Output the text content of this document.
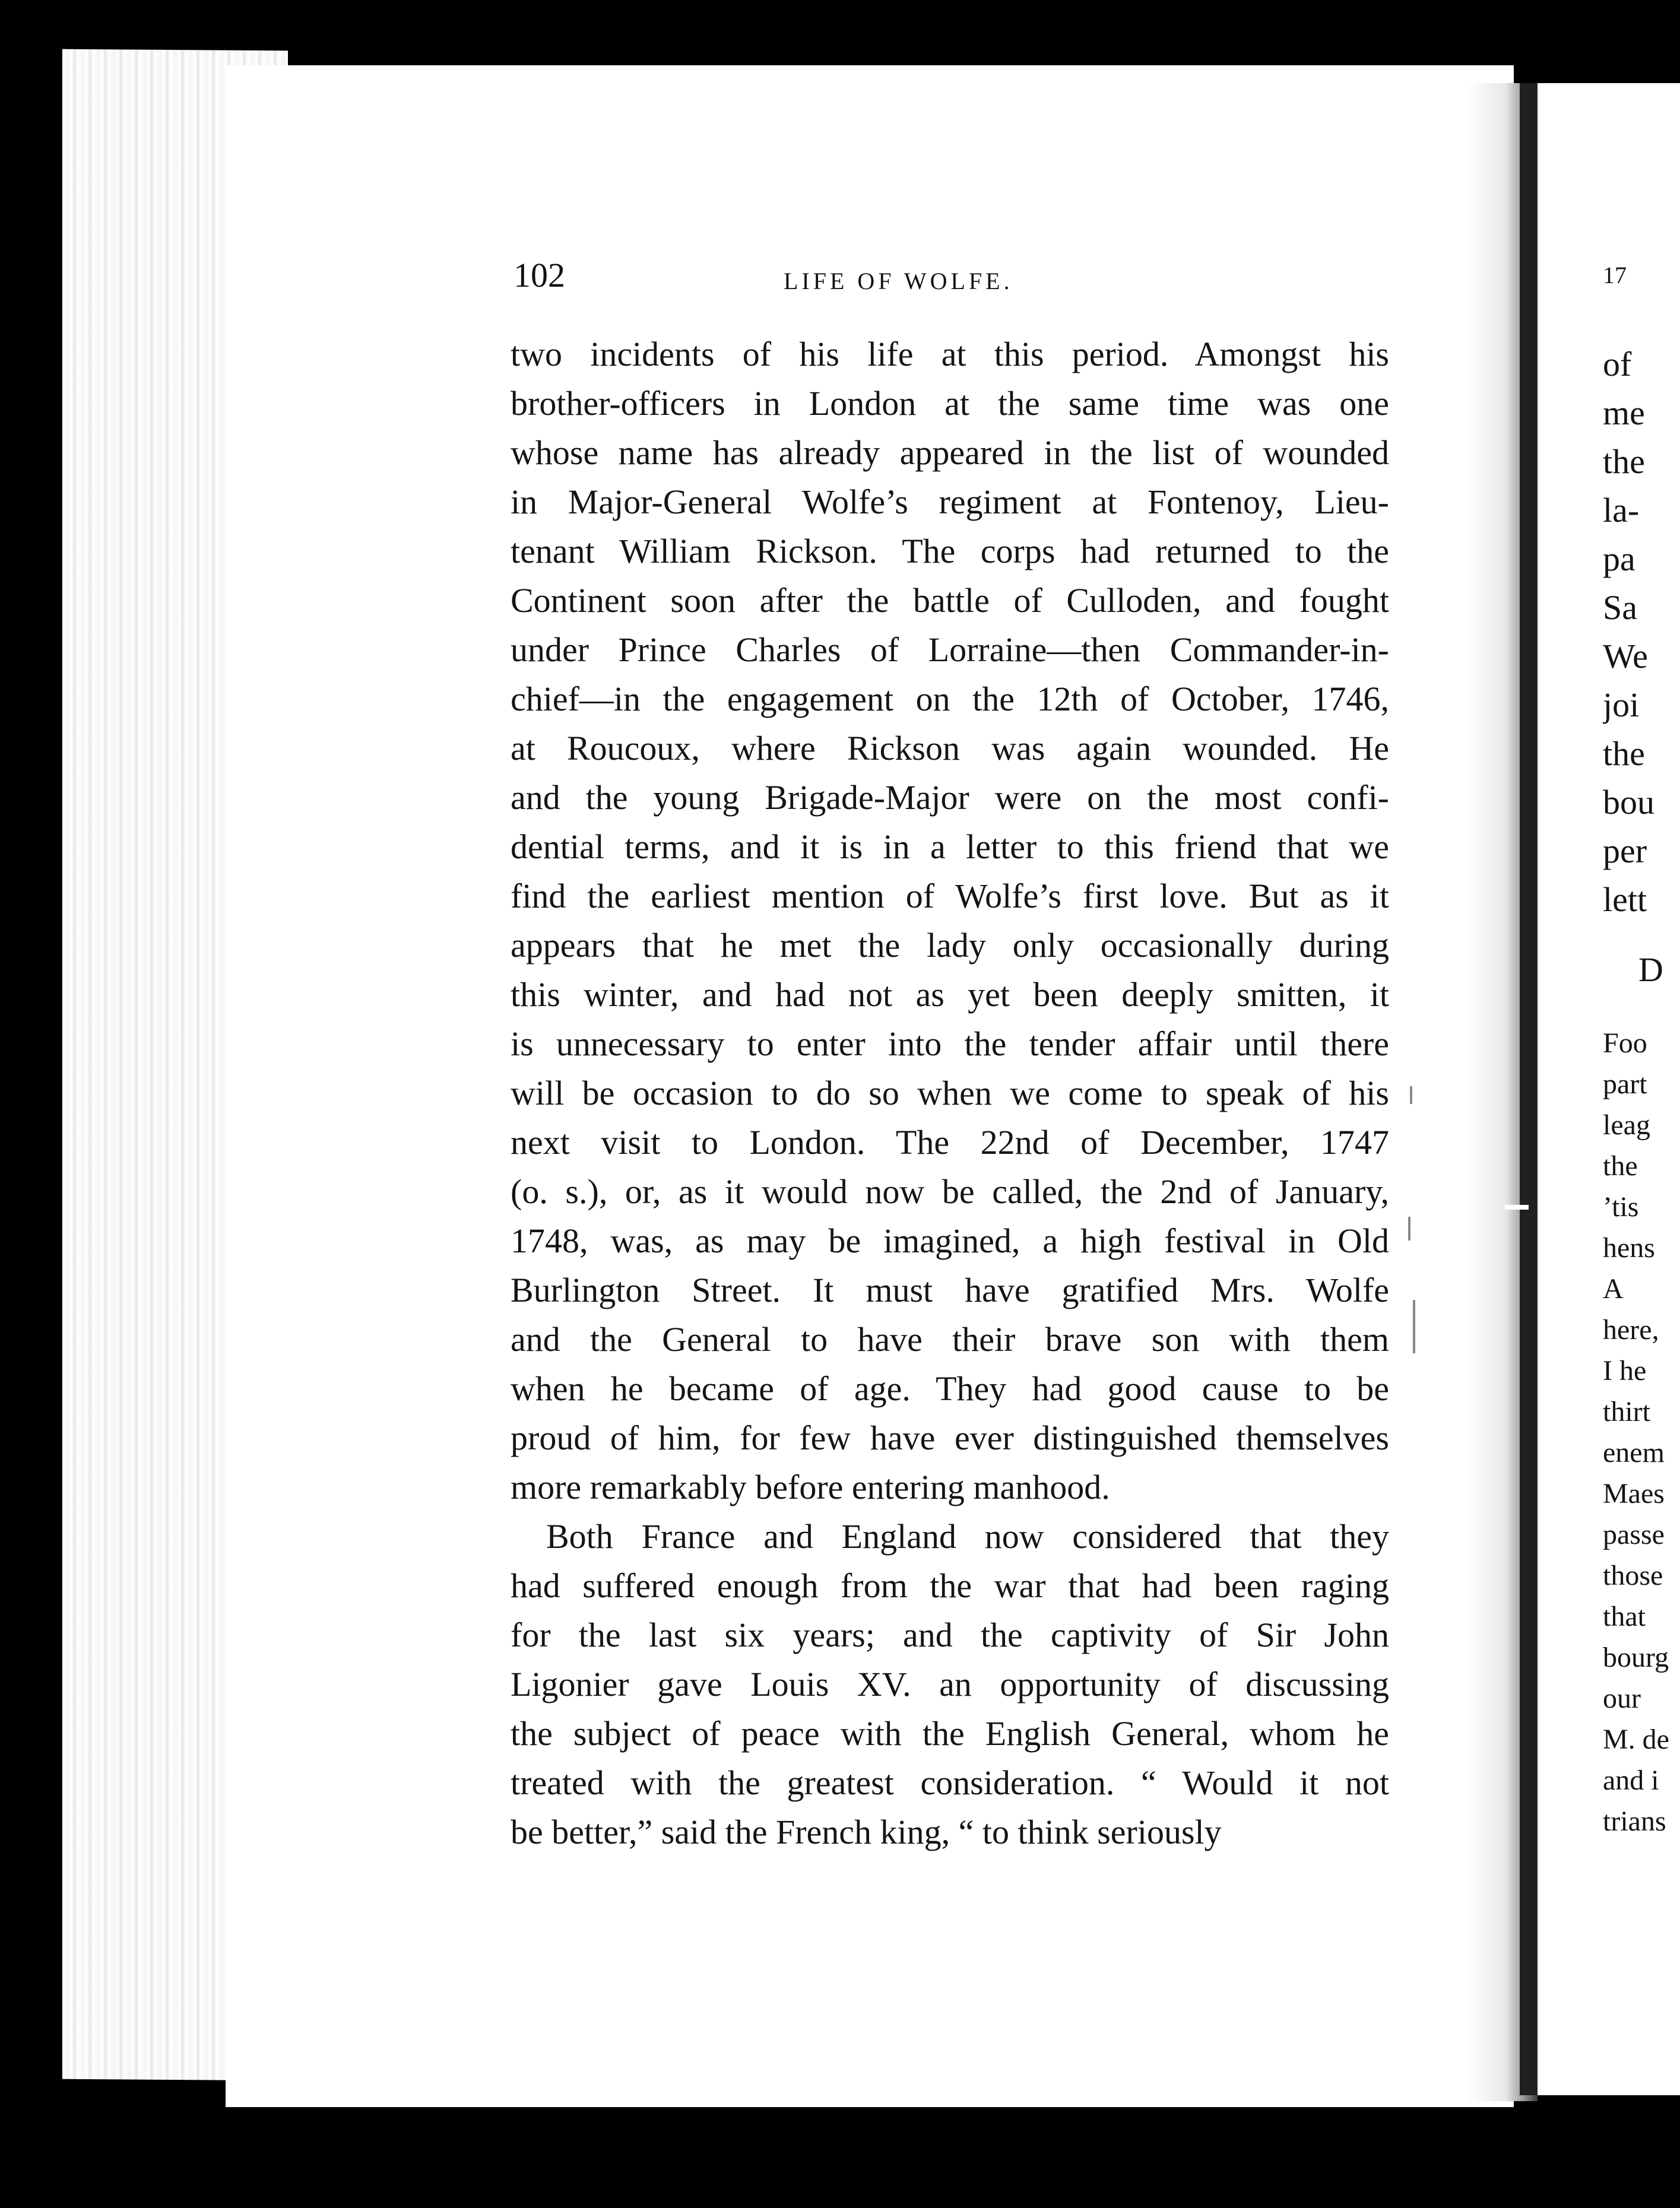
102	LIFE OF WOLFE.
two incidents of his life at this period. Amongst his
brother-officers in London at the same time was one
whose name has already appeared in the list of wounded
in Major-General Wolfe’s regiment at Fontenoy, Lieu-
tenant William Rickson. The corps had returned to the
Continent soon after the battle of Culloden, and fought
under Prince Charles of Lorraine—then Commander-in-
chief—in the engagement on the 12th of October, 1746,
at Roucoux, where Rickson was again wounded. He
and the young Brigade-Major were on the most confi-
dential terms, and it is in a letter to this friend that we
find the earliest mention of Wolfe’s first love. But as it
appears that he met the lady only occasionally during
this winter, and had not as yet been deeply smitten, it
is unnecessary to enter into the tender affair until there
will be occasion to do so when we come to speak of his
next visit to London. The 22nd of December, 1747
(o. s.), or, as it would now be called, the 2nd of January,
1748, was, as may be imagined, a high festival in Old
Burlington Street. It must have gratified Mrs. Wolfe
and the General to have their brave son with them
when he became of age. They had good cause to be
proud of him, for few have ever distinguished themselves
more remarkably before entering manhood.
Both France and England now considered that they
had suffered enough from the war that had been raging
for the last six years; and the captivity of Sir John
Ligonier gave Louis XV. an opportunity of discussing
the subject of peace with the English General, whom he
treated with the greatest consideration. “ Would it not
be better,” said the French king, “ to think seriously
17
of
me
the
la-
pa
Sa
We
joi
the
bou
per
lett
D
Foo
part
leag
the
’tis
hens
A
here,
I he
thirt
enem
Maes
passe
those
that
bourg
our
M. de
and i
trians
